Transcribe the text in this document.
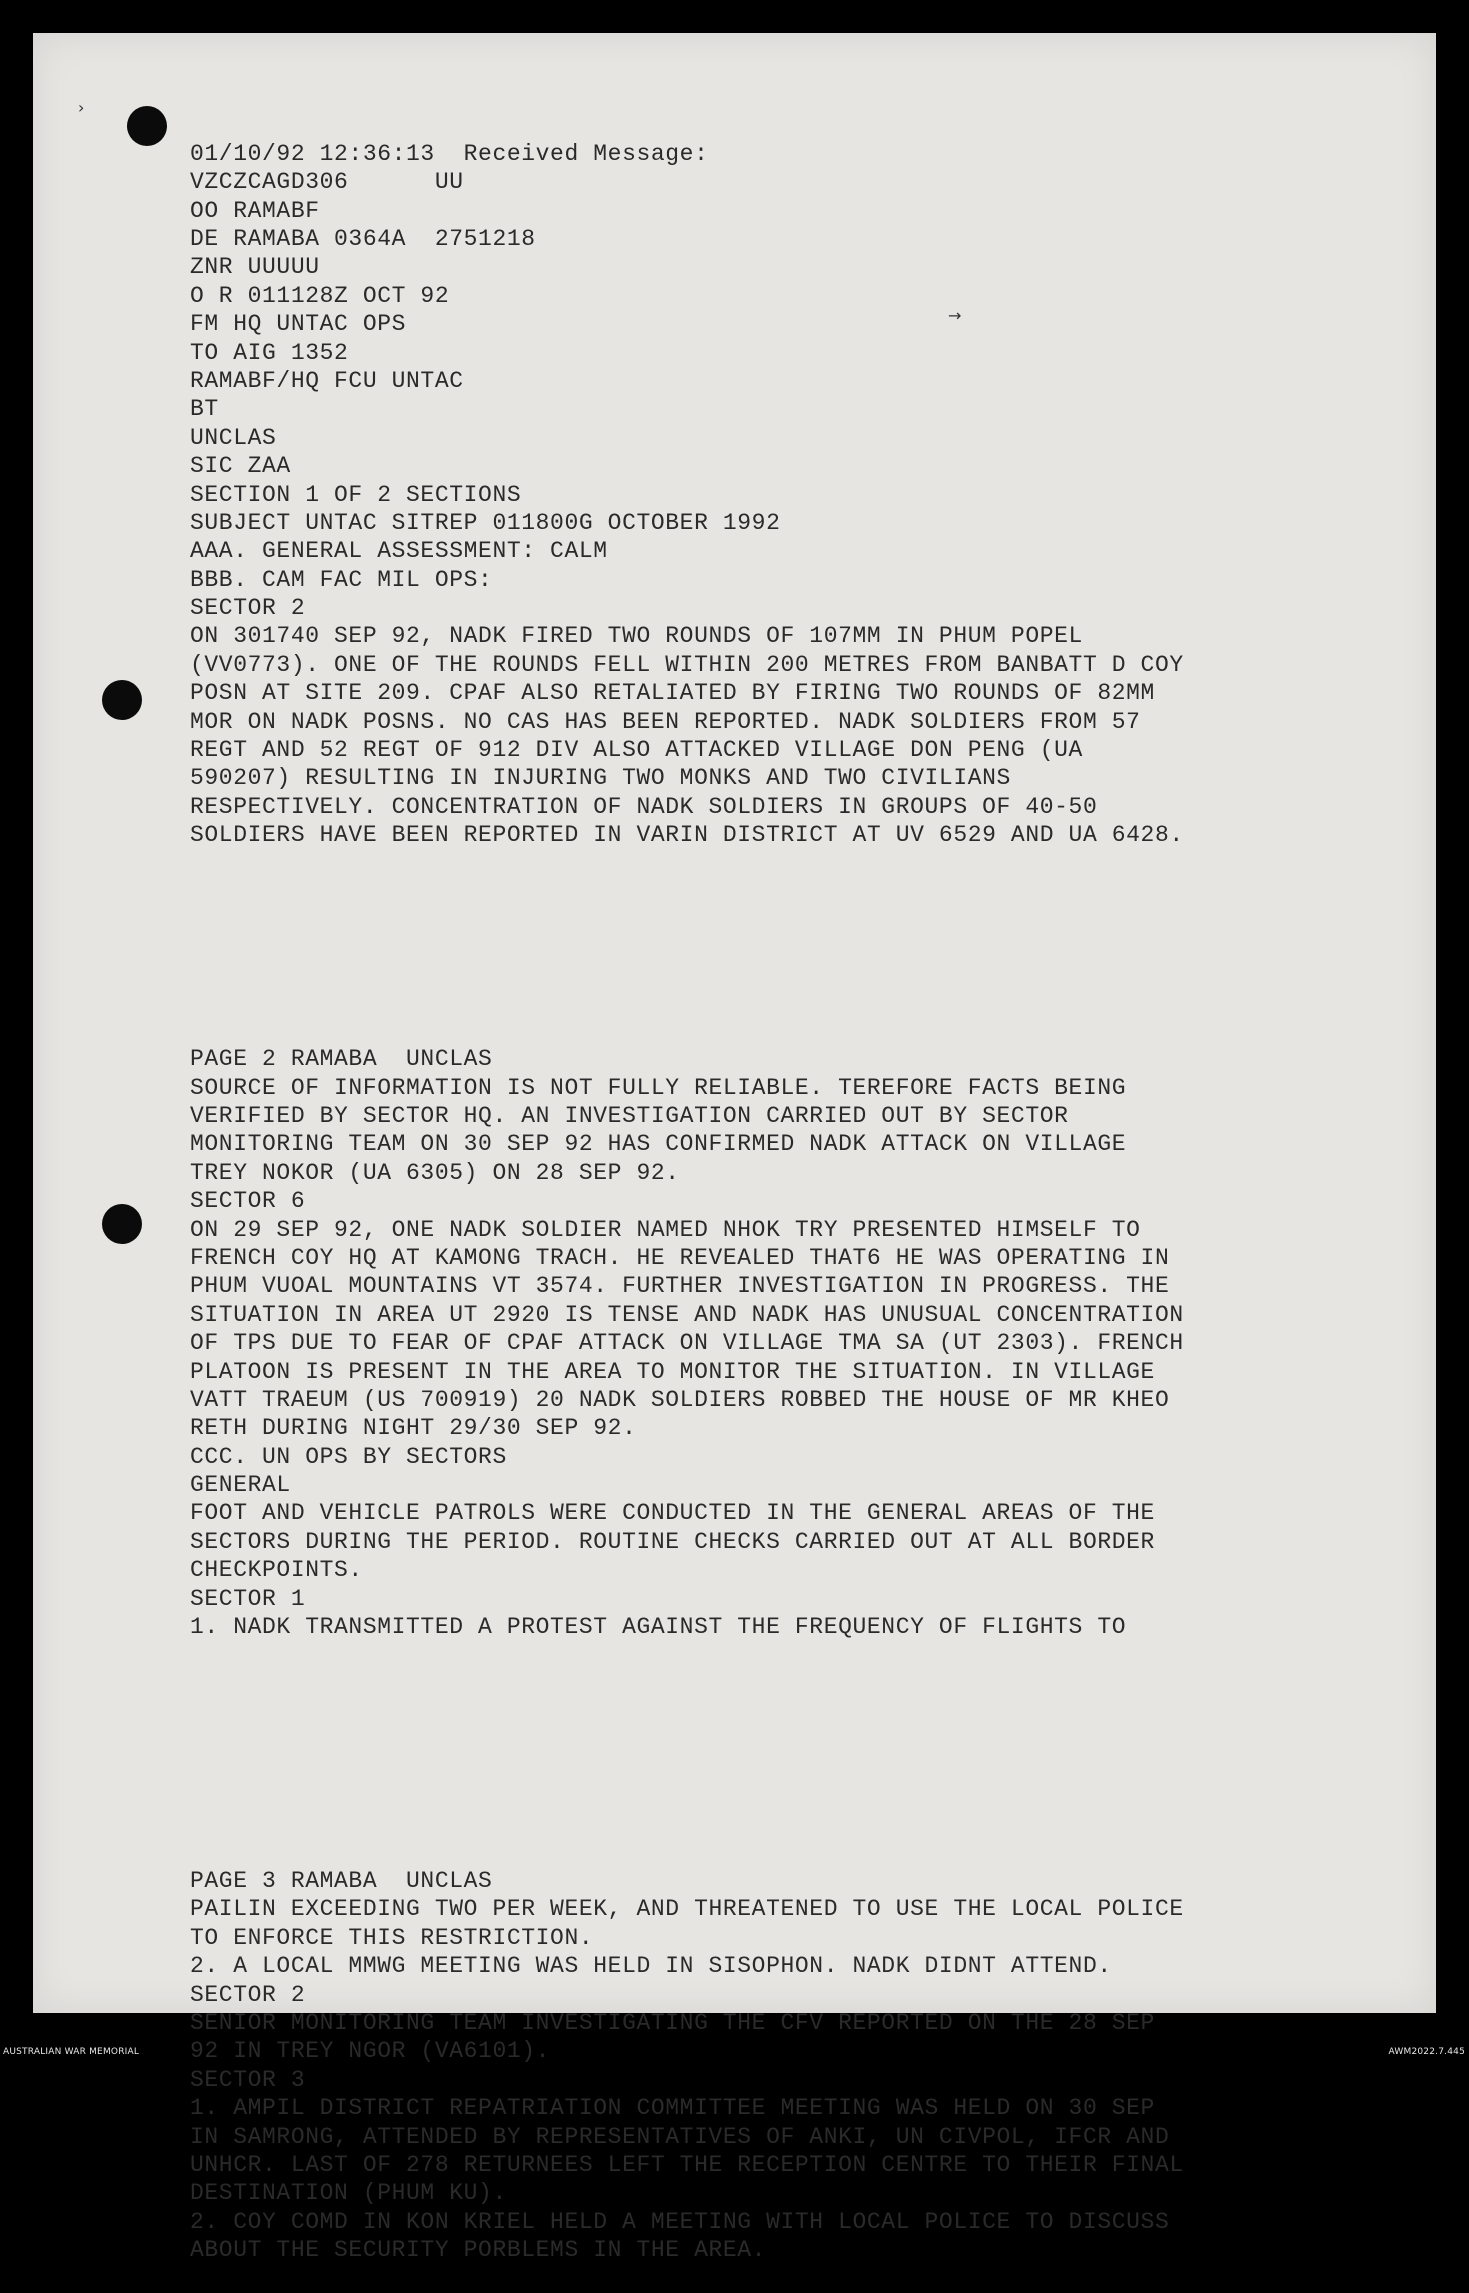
›
→

01/10/92 12:36:13  Received Message:
VZCZCAGD306      UU
OO RAMABF
DE RAMABA 0364A  2751218
ZNR UUUUU
O R 011128Z OCT 92
FM HQ UNTAC OPS
TO AIG 1352
RAMABF/HQ FCU UNTAC
BT
UNCLAS
SIC ZAA
SECTION 1 OF 2 SECTIONS
SUBJECT UNTAC SITREP 011800G OCTOBER 1992
AAA. GENERAL ASSESSMENT: CALM
BBB. CAM FAC MIL OPS:
SECTOR 2
ON 301740 SEP 92, NADK FIRED TWO ROUNDS OF 107MM IN PHUM POPEL
(VV0773). ONE OF THE ROUNDS FELL WITHIN 200 METRES FROM BANBATT D COY
POSN AT SITE 209. CPAF ALSO RETALIATED BY FIRING TWO ROUNDS OF 82MM
MOR ON NADK POSNS. NO CAS HAS BEEN REPORTED. NADK SOLDIERS FROM 57
REGT AND 52 REGT OF 912 DIV ALSO ATTACKED VILLAGE DON PENG (UA
590207) RESULTING IN INJURING TWO MONKS AND TWO CIVILIANS
RESPECTIVELY. CONCENTRATION OF NADK SOLDIERS IN GROUPS OF 40-50
SOLDIERS HAVE BEEN REPORTED IN VARIN DISTRICT AT UV 6529 AND UA 6428.

PAGE 2 RAMABA  UNCLAS
SOURCE OF INFORMATION IS NOT FULLY RELIABLE. TEREFORE FACTS BEING
VERIFIED BY SECTOR HQ. AN INVESTIGATION CARRIED OUT BY SECTOR
MONITORING TEAM ON 30 SEP 92 HAS CONFIRMED NADK ATTACK ON VILLAGE
TREY NOKOR (UA 6305) ON 28 SEP 92.
SECTOR 6
ON 29 SEP 92, ONE NADK SOLDIER NAMED NHOK TRY PRESENTED HIMSELF TO
FRENCH COY HQ AT KAMONG TRACH. HE REVEALED THAT6 HE WAS OPERATING IN
PHUM VUOAL MOUNTAINS VT 3574. FURTHER INVESTIGATION IN PROGRESS. THE
SITUATION IN AREA UT 2920 IS TENSE AND NADK HAS UNUSUAL CONCENTRATION
OF TPS DUE TO FEAR OF CPAF ATTACK ON VILLAGE TMA SA (UT 2303). FRENCH
PLATOON IS PRESENT IN THE AREA TO MONITOR THE SITUATION. IN VILLAGE
VATT TRAEUM (US 700919) 20 NADK SOLDIERS ROBBED THE HOUSE OF MR KHEO
RETH DURING NIGHT 29/30 SEP 92.
CCC. UN OPS BY SECTORS
GENERAL
FOOT AND VEHICLE PATROLS WERE CONDUCTED IN THE GENERAL AREAS OF THE
SECTORS DURING THE PERIOD. ROUTINE CHECKS CARRIED OUT AT ALL BORDER
CHECKPOINTS.
SECTOR 1
1. NADK TRANSMITTED A PROTEST AGAINST THE FREQUENCY OF FLIGHTS TO

PAGE 3 RAMABA  UNCLAS
PAILIN EXCEEDING TWO PER WEEK, AND THREATENED TO USE THE LOCAL POLICE
TO ENFORCE THIS RESTRICTION.
2. A LOCAL MMWG MEETING WAS HELD IN SISOPHON. NADK DIDNT ATTEND.
SECTOR 2
SENIOR MONITORING TEAM INVESTIGATING THE CFV REPORTED ON THE 28 SEP
92 IN TREY NGOR (VA6101).
SECTOR 3
1. AMPIL DISTRICT REPATRIATION COMMITTEE MEETING WAS HELD ON 30 SEP
IN SAMRONG, ATTENDED BY REPRESENTATIVES OF ANKI, UN CIVPOL, IFCR AND
UNHCR. LAST OF 278 RETURNEES LEFT THE RECEPTION CENTRE TO THEIR FINAL
DESTINATION (PHUM KU).
2. COY COMD IN KON KRIEL HELD A MEETING WITH LOCAL POLICE TO DISCUSS
ABOUT THE SECURITY PORBLEMS IN THE AREA.

AUSTRALIAN WAR MEMORIAL	AWM2022.7.445
